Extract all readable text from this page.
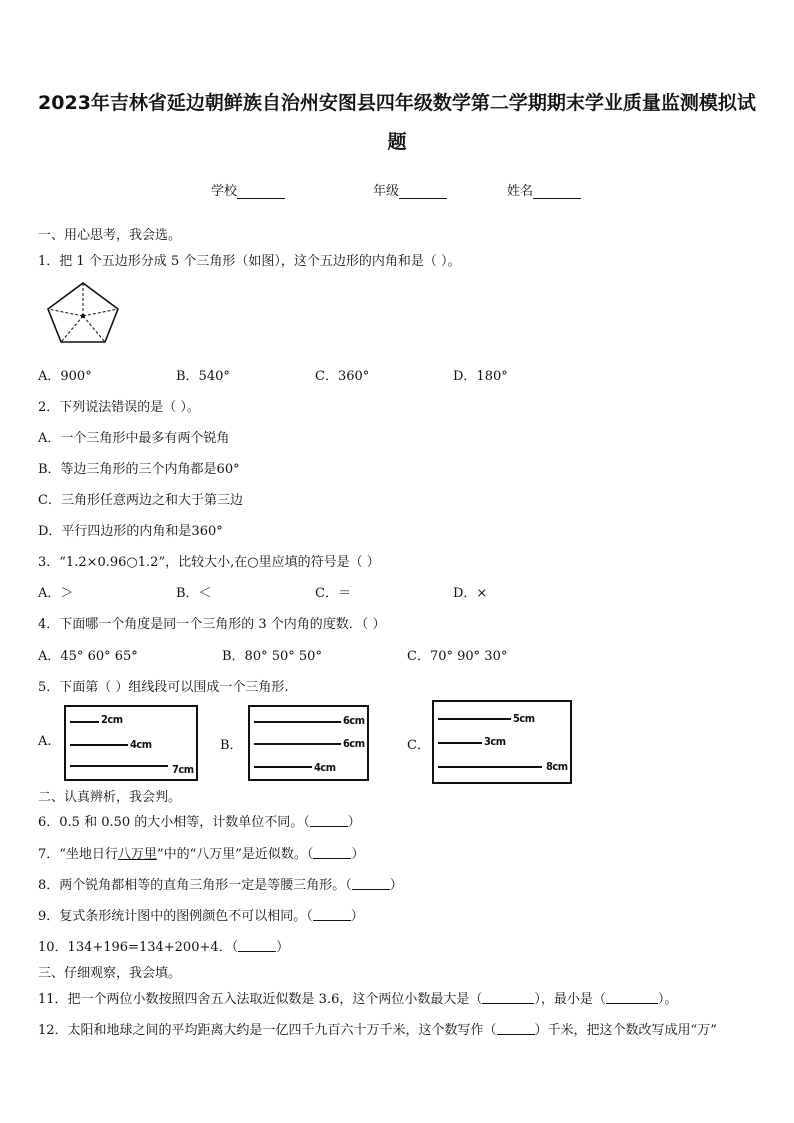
2023年吉林省延边朝鲜族自治州安图县四年级数学第二学期期末学业质量监测模拟试
题
学校	年级	姓名
一、用心思考，我会选。
1．把 1 个五边形分成 5 个三角形（如图），这个五边形的内角和是（ ）。
A．900°	B．540°	C．360°	D．180°
2．下列说法错误的是（ ）。
A．一个三角形中最多有两个锐角
B．等边三角形的三个内角都是60°
C．三角形任意两边之和大于第三边
D．平行四边形的内角和是360°
3．“1.2×0.96○1.2”，比较大小,在○里应填的符号是（ ）
A．＞	B．＜	C．＝	D．×
4．下面哪一个角度是同一个三角形的 3 个内角的度数．（ ）
A．45° 60° 65°	B．80° 50° 50°	C．70° 90° 30°
5．下面第（ ）组线段可以围成一个三角形.
A.	B．	C．
2cm
4cm
7cm
6cm
6cm
4cm
5cm
3cm
8cm
二、认真辨析，我会判。
6．0.5 和 0.50 的大小相等，计数单位不同。（	）
7．“坐地日行八万里”中的“八万里”是近似数。（	）
8．两个锐角都相等的直角三角形一定是等腰三角形。（	）
9．复式条形统计图中的图例颜色不可以相同。（	）
10．134+196=134+200+4．（	）
三、仔细观察，我会填。
11．把一个两位小数按照四舍五入法取近似数是 3.6，这个两位小数最大是（	），最小是（	）。
12．太阳和地球之间的平均距离大约是一亿四千九百六十万千米，这个数写作（	）千米，把这个数改写成用“万”
